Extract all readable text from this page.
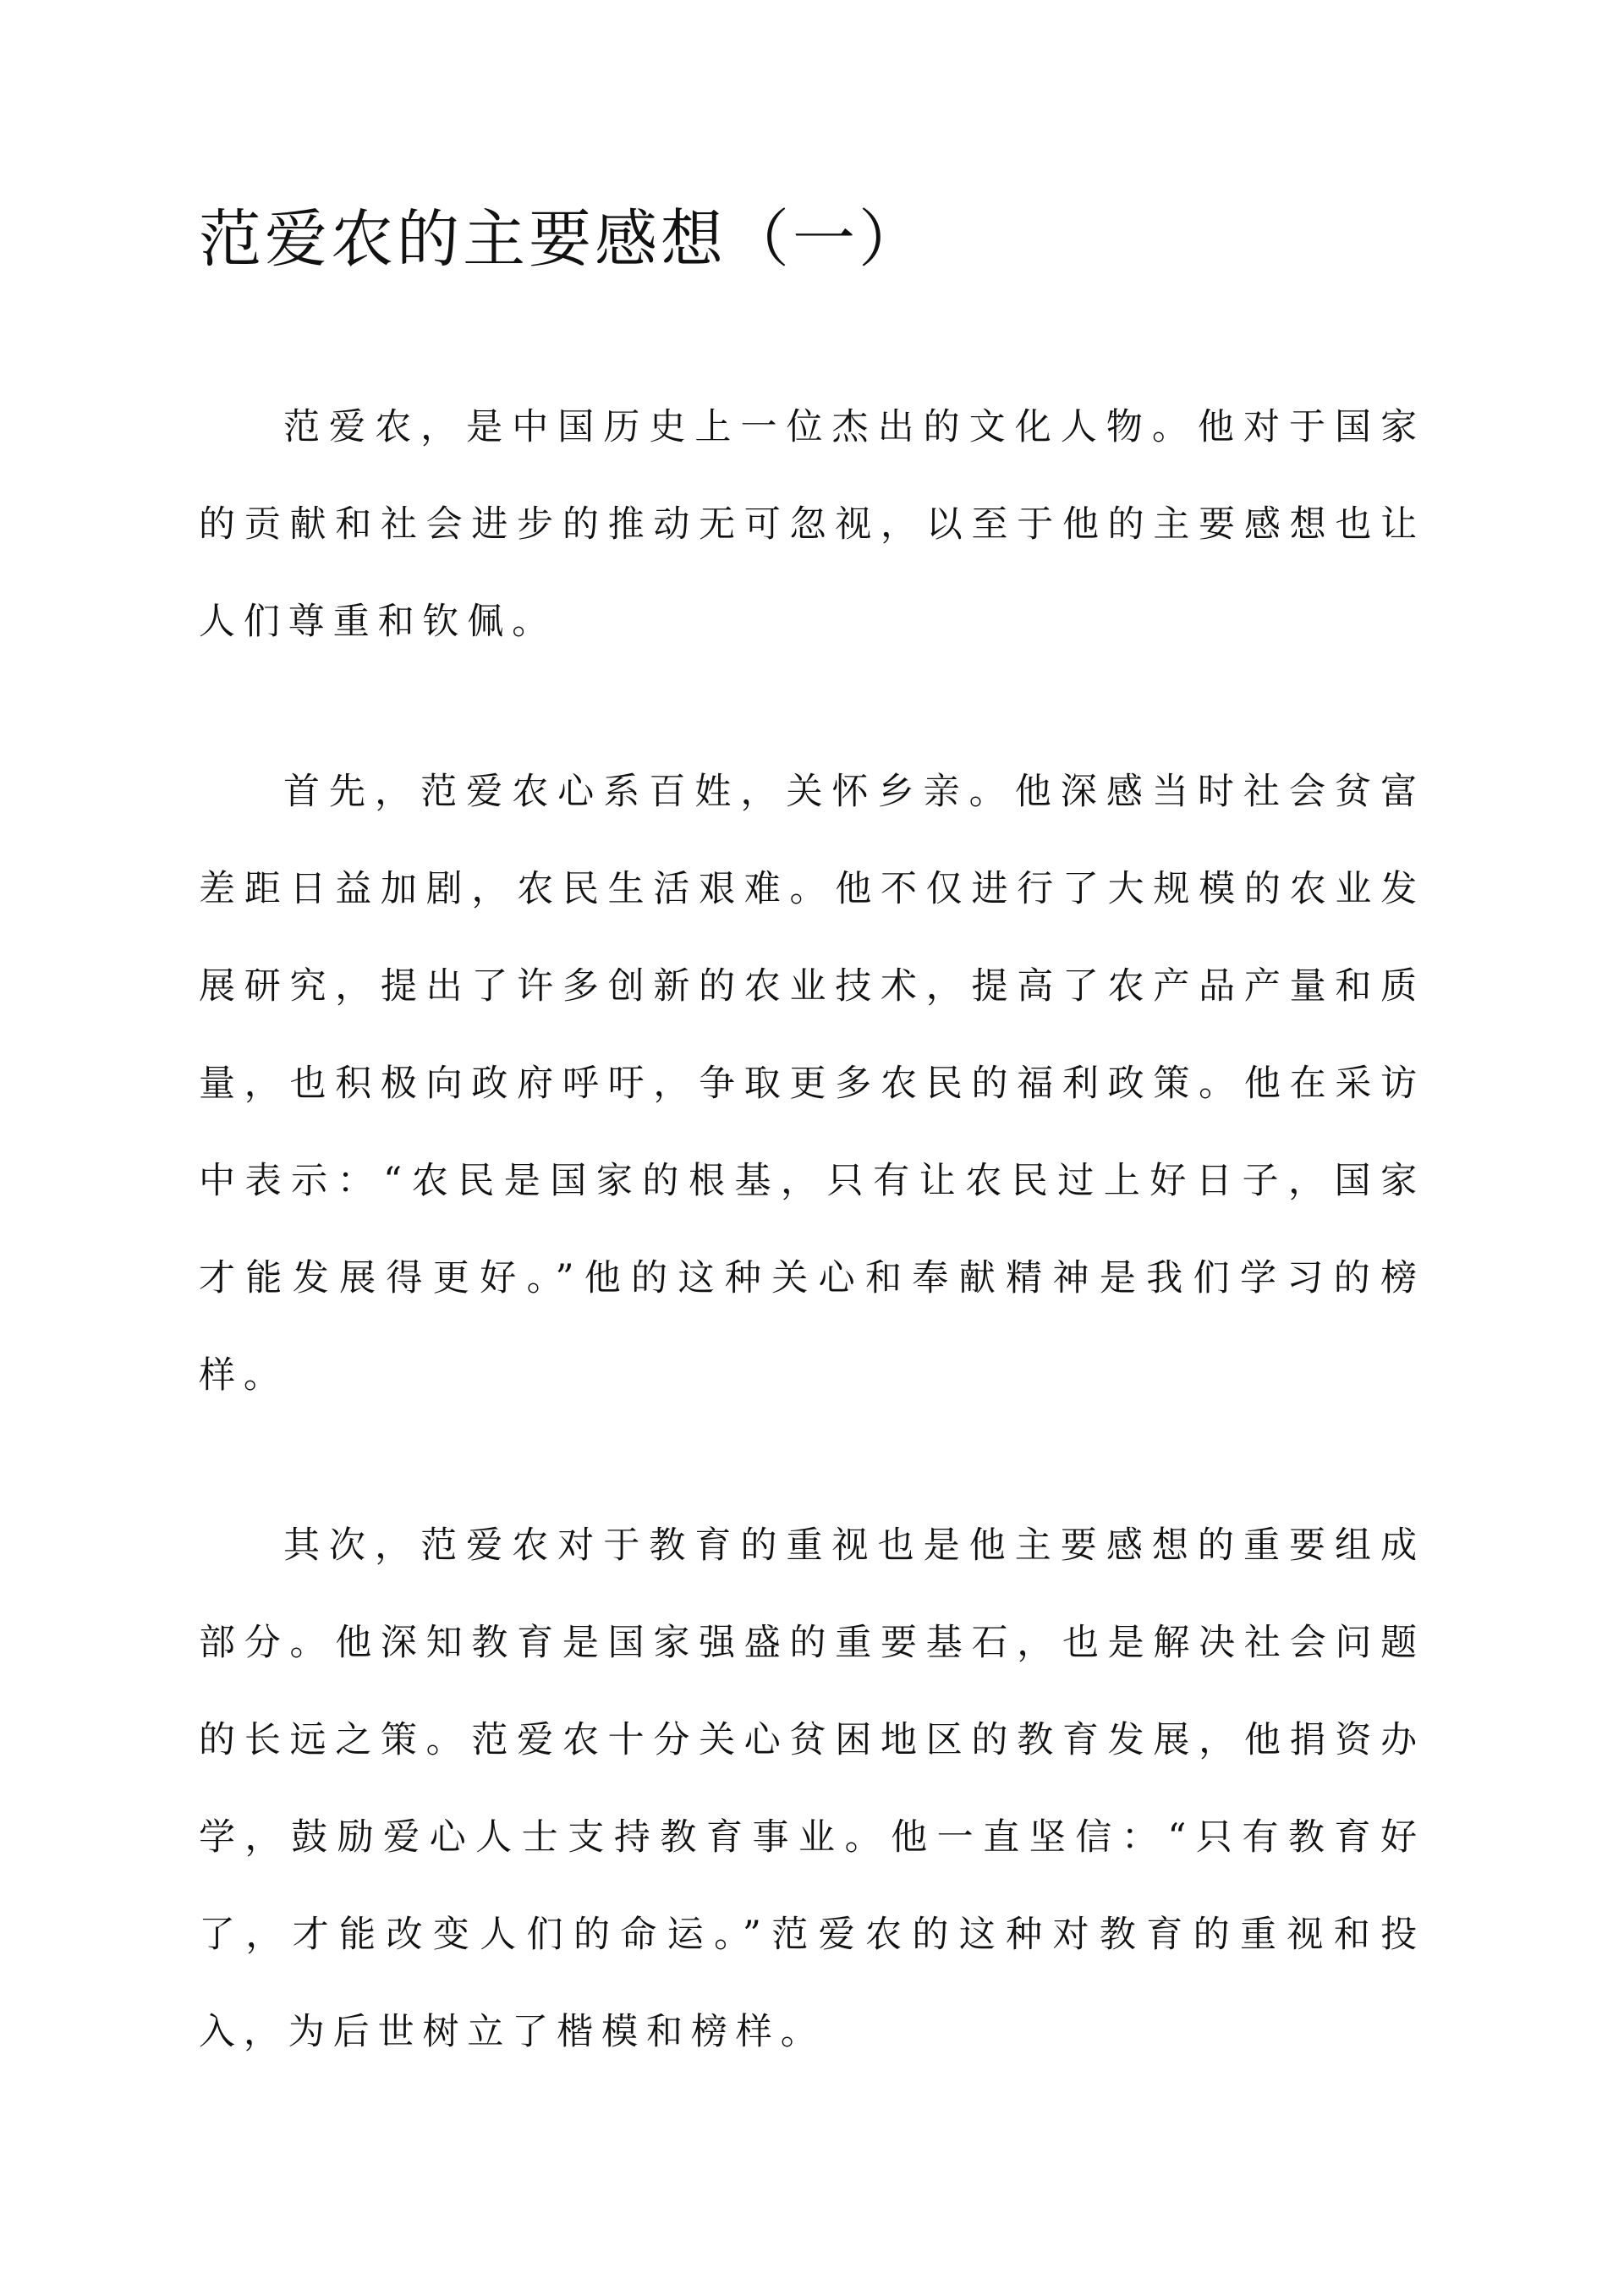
范爱农的主要感想（一）

范爱农，是中国历史上一位杰出的文化人物。他对于国家的贡献和社会进步的推动无可忽视，以至于他的主要感想也让人们尊重和钦佩。

首先，范爱农心系百姓，关怀乡亲。他深感当时社会贫富差距日益加剧，农民生活艰难。他不仅进行了大规模的农业发展研究，提出了许多创新的农业技术，提高了农产品产量和质量，也积极向政府呼吁，争取更多农民的福利政策。他在采访中表示：“农民是国家的根基，只有让农民过上好日子，国家才能发展得更好。”他的这种关心和奉献精神是我们学习的榜样。

其次，范爱农对于教育的重视也是他主要感想的重要组成部分。他深知教育是国家强盛的重要基石，也是解决社会问题的长远之策。范爱农十分关心贫困地区的教育发展，他捐资办学，鼓励爱心人士支持教育事业。他一直坚信：“只有教育好了，才能改变人们的命运。”范爱农的这种对教育的重视和投入，为后世树立了楷模和榜样。
